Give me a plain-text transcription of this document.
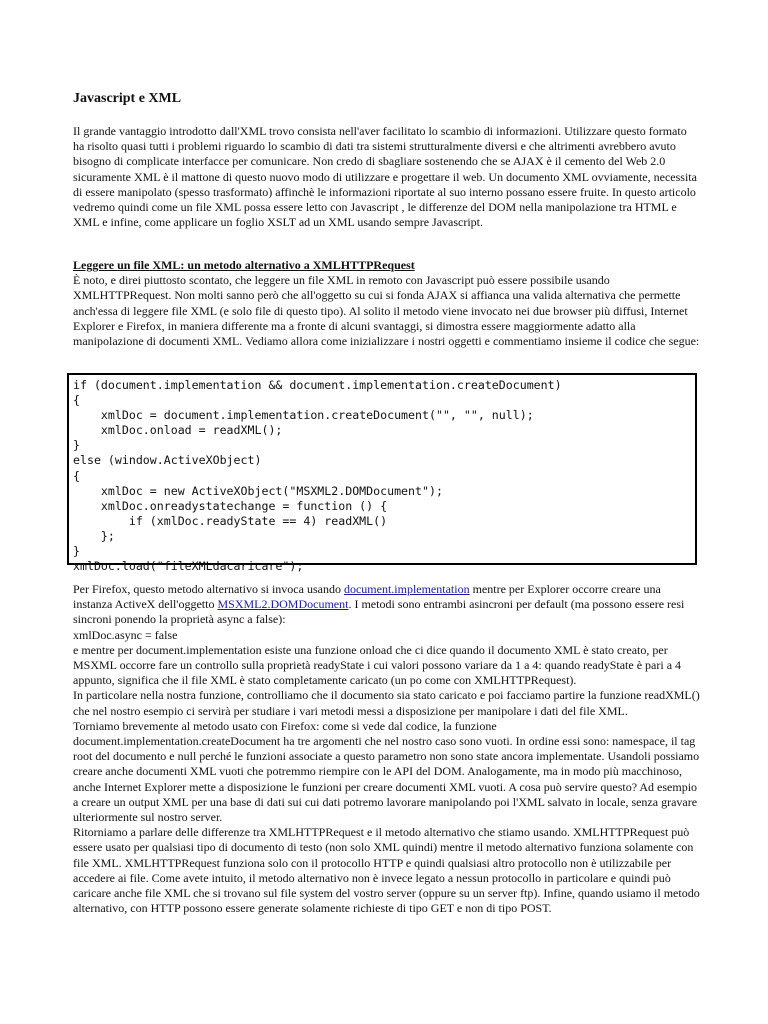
Javascript e XML

Il grande vantaggio introdotto dall'XML trovo consista nell'aver facilitato lo scambio di informazioni. Utilizzare questo formato ha risolto quasi tutti i problemi riguardo lo scambio di dati tra sistemi strutturalmente diversi e che altrimenti avrebbero avuto bisogno di complicate interfacce per comunicare. Non credo di sbagliare sostenendo che se AJAX è il cemento del Web 2.0 sicuramente XML è il mattone di questo nuovo modo di utilizzare e progettare il web. Un documento XML ovviamente, necessita di essere manipolato (spesso trasformato) affinchè le informazioni riportate al suo interno possano essere fruite. In questo articolo vedremo quindi come un file XML possa essere letto con Javascript , le differenze del DOM nella manipolazione tra HTML e XML e infine, come applicare un foglio XSLT ad un XML usando sempre Javascript.

Leggere un file XML: un metodo alternativo a XMLHTTPRequest
È noto, e direi piuttosto scontato, che leggere un file XML in remoto con Javascript può essere possibile usando XMLHTTPRequest. Non molti sanno però che all'oggetto su cui si fonda AJAX si affianca una valida alternativa che permette anch'essa di leggere file XML (e solo file di questo tipo). Al solito il metodo viene invocato nei due browser più diffusi, Internet Explorer e Firefox, in maniera differente ma a fronte di alcuni svantaggi, si dimostra essere maggiormente adatto alla manipolazione di documenti XML. Vediamo allora come inizializzare i nostri oggetti e commentiamo insieme il codice che segue:
if (document.implementation && document.implementation.createDocument)
{
xmlDoc = document.implementation.createDocument("", "", null);
xmlDoc.onload = readXML();
}
else (window.ActiveXObject)
{
xmlDoc = new ActiveXObject("MSXML2.DOMDocument");
xmlDoc.onreadystatechange = function () {
if (xmlDoc.readyState == 4) readXML()
};
}
xmlDoc.load("fileXMLdacaricare");
Per Firefox, questo metodo alternativo si invoca usando document.implementation mentre per Explorer occorre creare una instanza ActiveX dell'oggetto MSXML2.DOMDocument. I metodi sono entrambi asincroni per default (ma possono essere resi sincroni ponendo la proprietà async a false):
xmlDoc.async = false
e mentre per document.implementation esiste una funzione onload che ci dice quando il documento XML è stato creato, per MSXML occorre fare un controllo sulla proprietà readyState i cui valori possono variare da 1 a 4: quando readyState è pari a 4 appunto, significa che il file XML è stato completamente caricato (un po come con XMLHTTPRequest).
In particolare nella nostra funzione, controlliamo che il documento sia stato caricato e poi facciamo partire la funzione readXML() che nel nostro esempio ci servirà per studiare i vari metodi messi a disposizione per manipolare i dati del file XML.
Torniamo brevemente al metodo usato con Firefox: come si vede dal codice, la funzione document.implementation.createDocument ha tre argomenti che nel nostro caso sono vuoti. In ordine essi sono: namespace, il tag root del documento e null perché le funzioni associate a questo parametro non sono state ancora implementate. Usandoli possiamo creare anche documenti XML vuoti che potremmo riempire con le API del DOM. Analogamente, ma in modo più macchinoso, anche Internet Explorer mette a disposizione le funzioni per creare documenti XML vuoti. A cosa può servire questo? Ad esempio a creare un output XML per una base di dati sui cui dati potremo lavorare manipolando poi l'XML salvato in locale, senza gravare ulteriormente sul nostro server.
Ritorniamo a parlare delle differenze tra XMLHTTPRequest e il metodo alternativo che stiamo usando. XMLHTTPRequest può essere usato per qualsiasi tipo di documento di testo (non solo XML quindi) mentre il metodo alternativo funziona solamente con file XML. XMLHTTPRequest funziona solo con il protocollo HTTP e quindi qualsiasi altro protocollo non è utilizzabile per accedere ai file. Come avete intuito, il metodo alternativo non è invece legato a nessun protocollo in particolare e quindi può caricare anche file XML che si trovano sul file system del vostro server (oppure su un server ftp). Infine, quando usiamo il metodo alternativo, con HTTP possono essere generate solamente richieste di tipo GET e non di tipo POST.
